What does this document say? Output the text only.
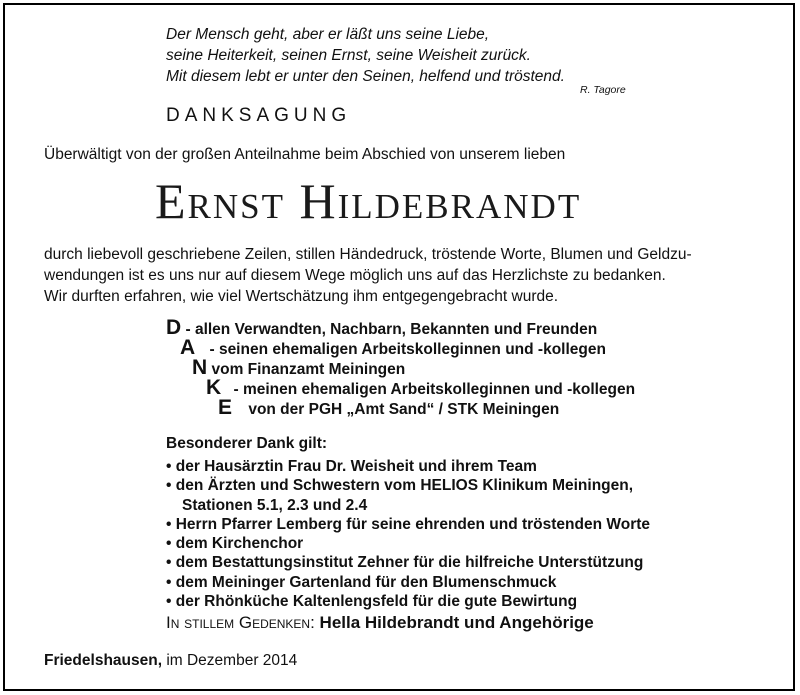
Der Mensch geht, aber er läßt uns seine Liebe,
seine Heiterkeit, seinen Ernst, seine Weisheit zurück.
Mit diesem lebt er unter den Seinen, helfend und tröstend.
R. Tagore
DANKSAGUNG
Überwältigt von der großen Anteilnahme beim Abschied von unserem lieben
Ernst Hildebrandt
durch liebevoll geschriebene Zeilen, stillen Händedruck, tröstende Worte, Blumen und Geldzu-
wendungen ist es uns nur auf diesem Wege möglich uns auf das Herzlichste zu bedanken.
Wir durften erfahren, wie viel Wertschätzung ihm entgegengebracht wurde.
D - allen Verwandten, Nachbarn, Bekannten und Freunden
A - seinen ehemaligen Arbeitskolleginnen und -kollegen
N vom Finanzamt Meiningen
K - meinen ehemaligen Arbeitskolleginnen und -kollegen
E von der PGH „Amt Sand“ / STK Meiningen
Besonderer Dank gilt:
• der Hausärztin Frau Dr. Weisheit und ihrem Team
• den Ärzten und Schwestern vom HELIOS Klinikum Meiningen,
Stationen 5.1, 2.3 und 2.4
• Herrn Pfarrer Lemberg für seine ehrenden und tröstenden Worte
• dem Kirchenchor
• dem Bestattungsinstitut Zehner für die hilfreiche Unterstützung
• dem Meininger Gartenland für den Blumenschmuck
• der Rhönküche Kaltenlengsfeld für die gute Bewirtung
In stillem Gedenken: Hella Hildebrandt und Angehörige
Friedelshausen, im Dezember 2014
